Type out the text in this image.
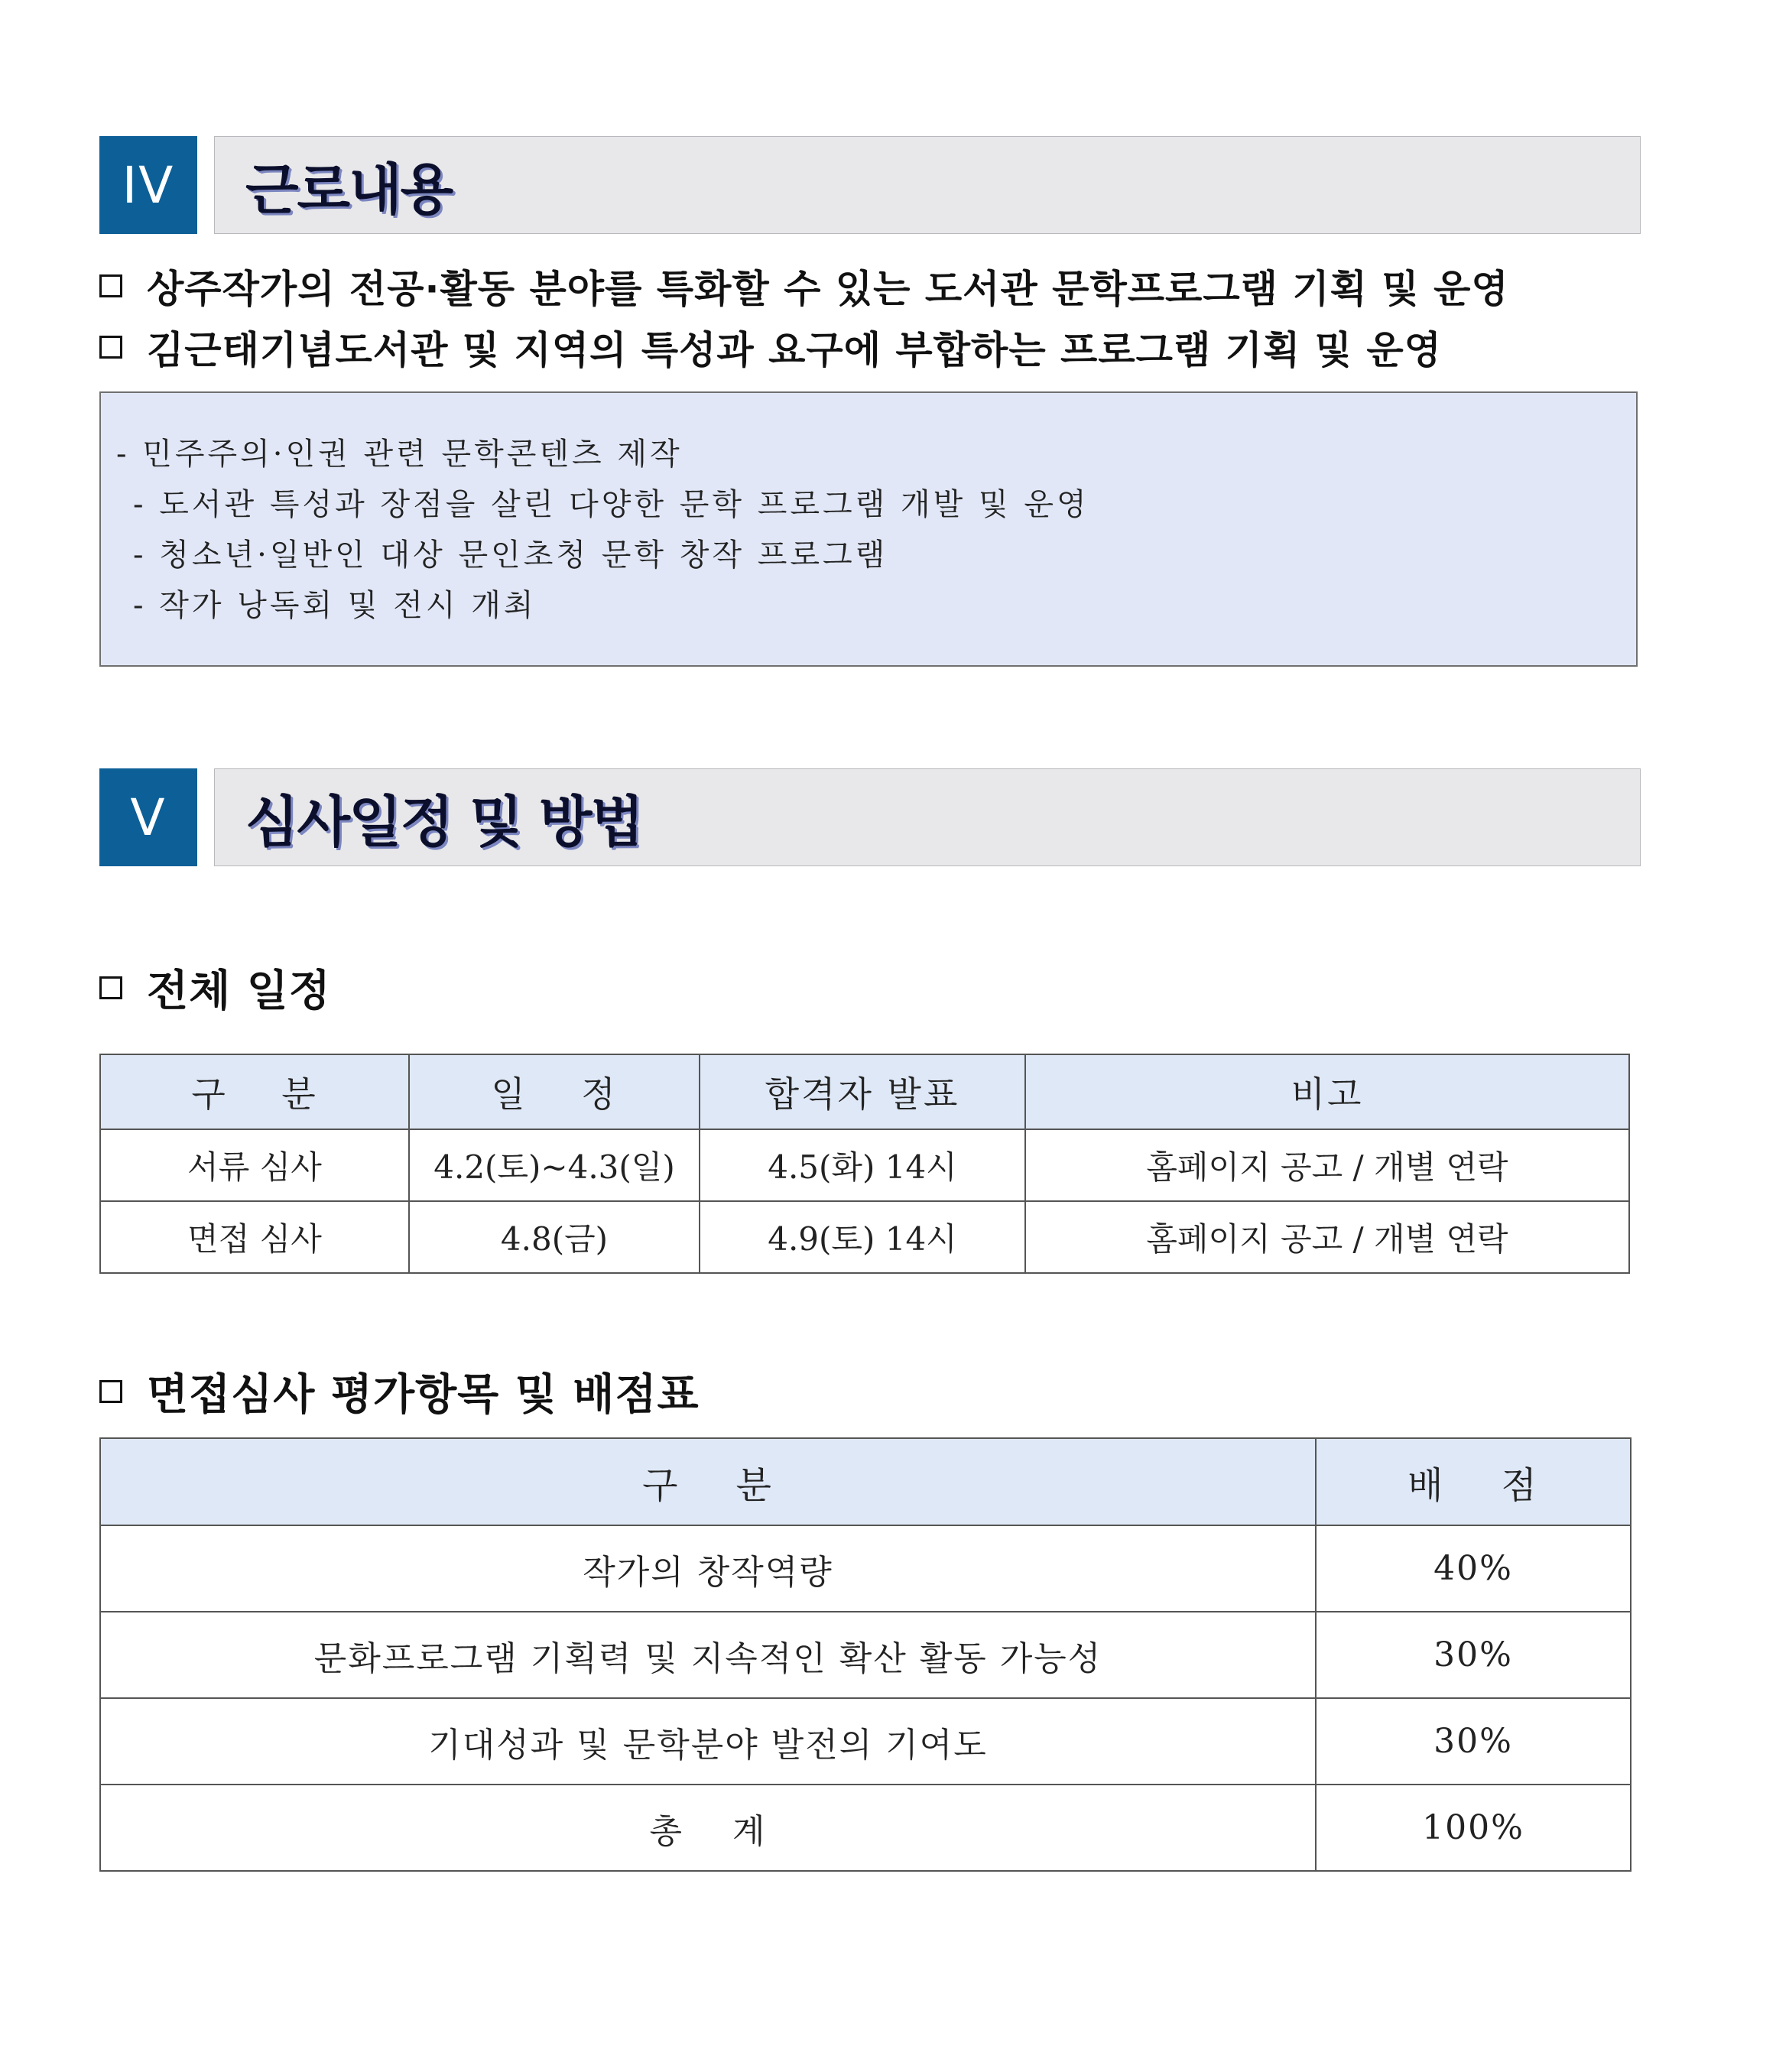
IV	근로내용
상주작가의 전공·활동 분야를 특화할 수 있는 도서관 문학프로그램 기획 및 운영
김근태기념도서관 및 지역의 특성과 요구에 부합하는 프로그램 기획 및 운영
- 민주주의·인권 관련 문학콘텐츠 제작
- 도서관 특성과 장점을 살린 다양한 문학 프로그램 개발 및 운영
- 청소년·일반인 대상 문인초청 문학 창작 프로그램
- 작가 낭독회 및 전시 개최
V	심사일정 및 방법
전체 일정
구    분	일    정	합격자 발표	비고
서류 심사	4.2(토)~4.3(일)	4.5(화) 14시	홈페이지 공고 / 개별 연락
면접 심사	4.8(금)	4.9(토) 14시	홈페이지 공고 / 개별 연락
면접심사 평가항목 및 배점표
구    분	배    점
작가의 창작역량	40%
문화프로그램 기획력 및 지속적인 확산 활동 가능성	30%
기대성과 및 문학분야 발전의 기여도	30%
총    계	100%
